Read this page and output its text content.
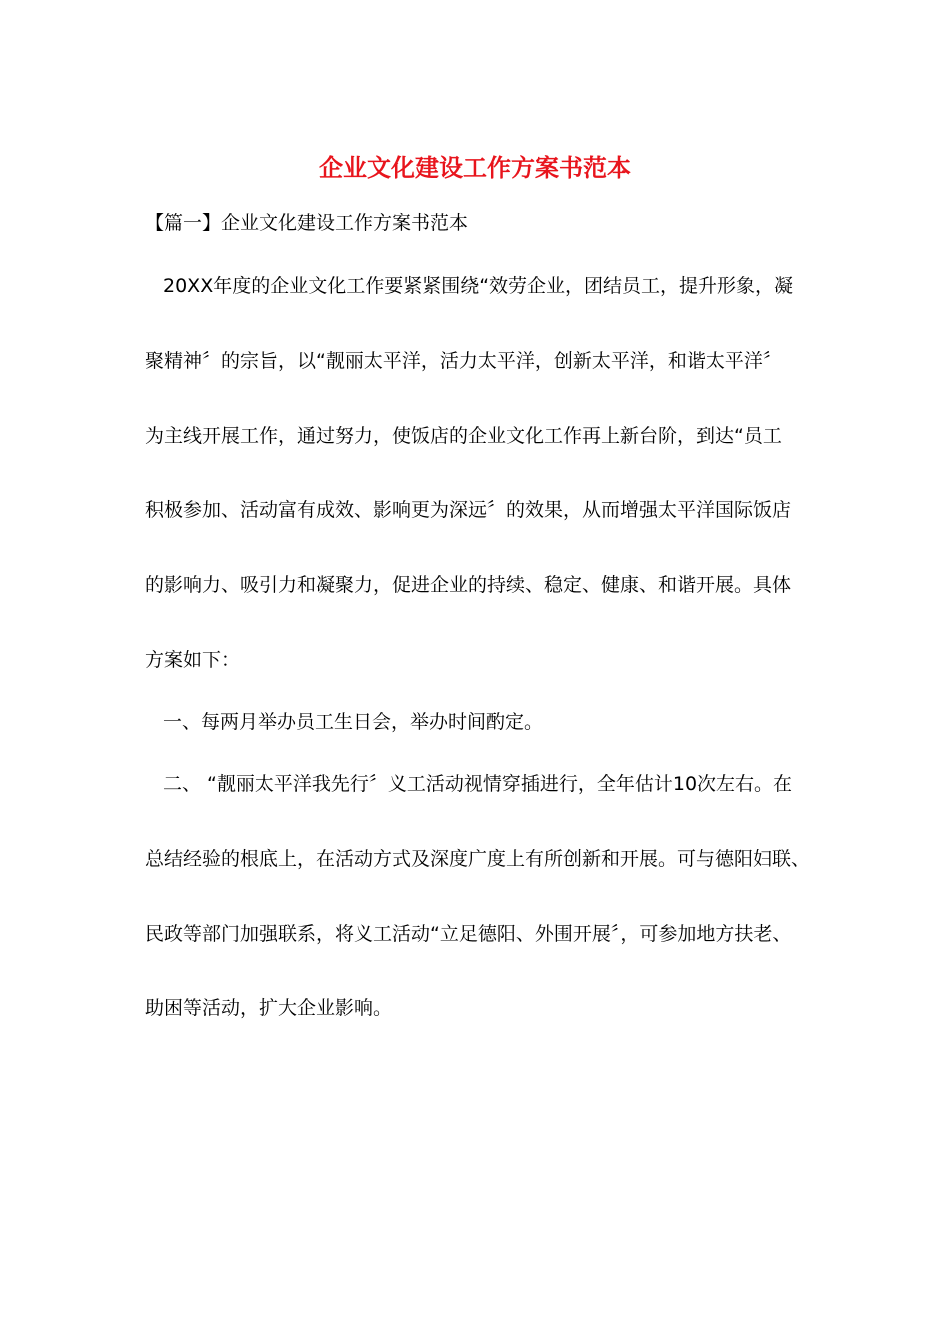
企业文化建设工作方案书范本
【篇一】企业文化建设工作方案书范本
20XX年度的企业文化工作要紧紧围绕“效劳企业，团结员工，提升形象，凝
聚精神〞的宗旨，以“靓丽太平洋，活力太平洋，创新太平洋，和谐太平洋〞
为主线开展工作，通过努力，使饭店的企业文化工作再上新台阶，到达“员工
积极参加、活动富有成效、影响更为深远〞的效果，从而增强太平洋国际饭店
的影响力、吸引力和凝聚力，促进企业的持续、稳定、健康、和谐开展。具体
方案如下：
一、每两月举办员工生日会，举办时间酌定。
二、 “靓丽太平洋我先行〞义工活动视情穿插进行，全年估计10次左右。在
总结经验的根底上，在活动方式及深度广度上有所创新和开展。可与德阳妇联、
民政等部门加强联系，将义工活动“立足德阳、外围开展〞，可参加地方扶老、
助困等活动，扩大企业影响。
